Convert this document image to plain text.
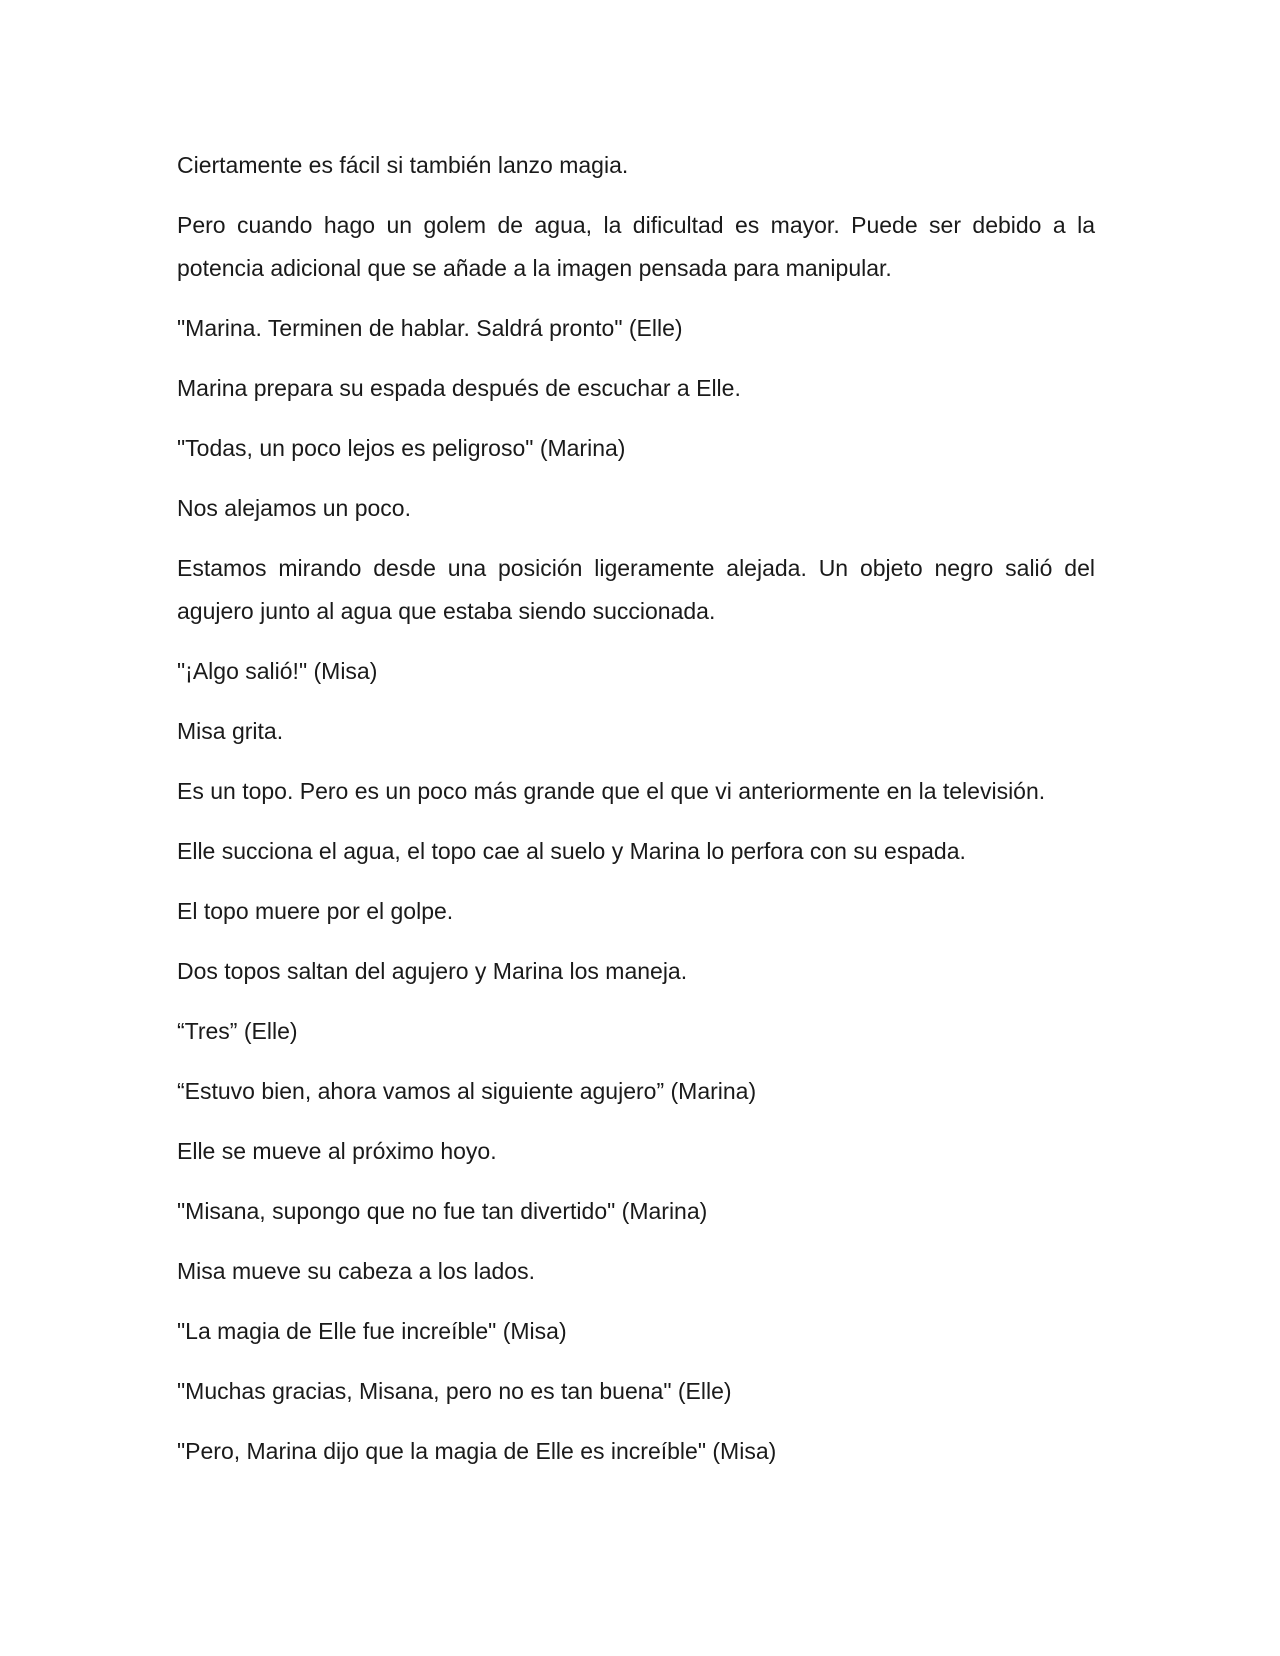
Ciertamente es fácil si también lanzo magia.

Pero cuando hago un golem de agua, la dificultad es mayor. Puede ser debido a la potencia adicional que se añade a la imagen pensada para manipular.

"Marina. Terminen de hablar. Saldrá pronto" (Elle)

Marina prepara su espada después de escuchar a Elle.

"Todas, un poco lejos es peligroso" (Marina)

Nos alejamos un poco.

Estamos mirando desde una posición ligeramente alejada. Un objeto negro salió del agujero junto al agua que estaba siendo succionada.

"¡Algo salió!" (Misa)

Misa grita.

Es un topo. Pero es un poco más grande que el que vi anteriormente en la televisión.

Elle succiona el agua, el topo cae al suelo y Marina lo perfora con su espada.

El topo muere por el golpe.

Dos topos saltan del agujero y Marina los maneja.

“Tres” (Elle)

“Estuvo bien, ahora vamos al siguiente agujero” (Marina)

Elle se mueve al próximo hoyo.

"Misana, supongo que no fue tan divertido" (Marina)

Misa mueve su cabeza a los lados.

"La magia de Elle fue increíble" (Misa)

"Muchas gracias, Misana, pero no es tan buena" (Elle)

"Pero, Marina dijo que la magia de Elle es increíble" (Misa)
